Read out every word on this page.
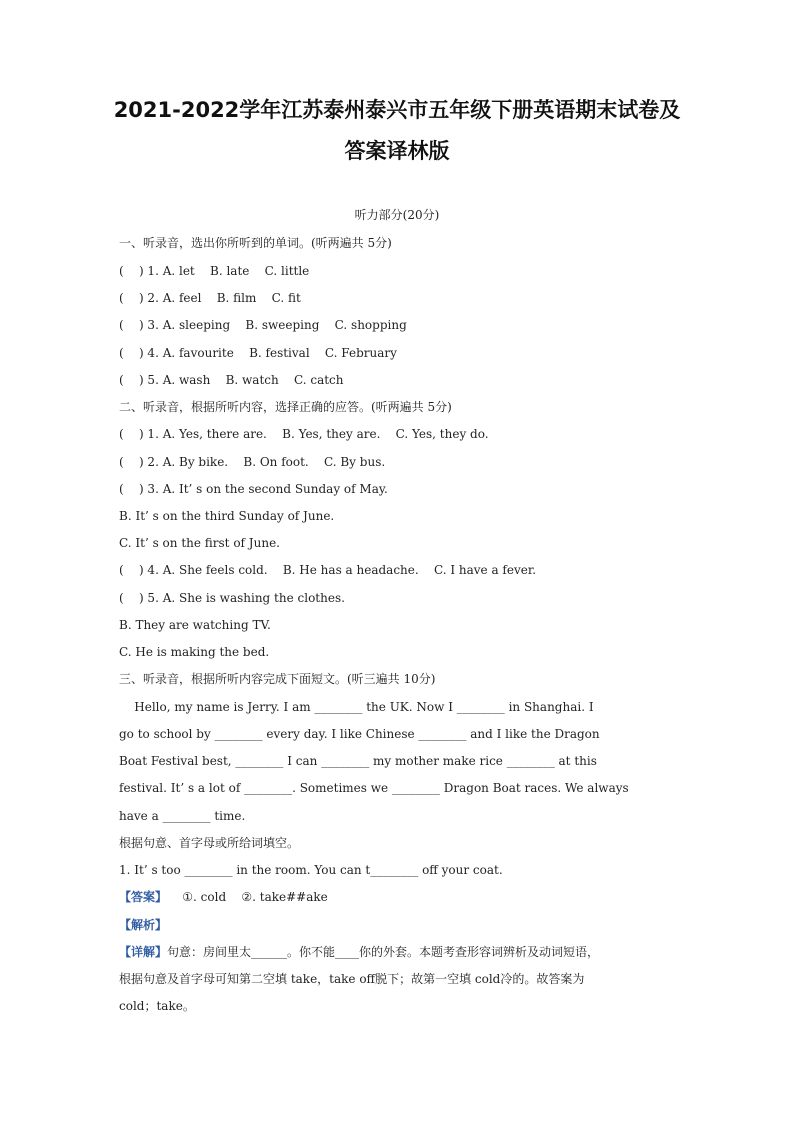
2021-2022学年江苏泰州泰兴市五年级下册英语期末试卷及
答案译林版
听力部分(20分)
一、听录音，选出你所听到的单词。(听两遍共 5分)
(    ) 1. A. let    B. late    C. little
(    ) 2. A. feel    B. film    C. fit
(    ) 3. A. sleeping    B. sweeping    C. shopping
(    ) 4. A. favourite    B. festival    C. February
(    ) 5. A. wash    B. watch    C. catch
二、听录音，根据所听内容，选择正确的应答。(听两遍共 5分)
(    ) 1. A. Yes, there are.    B. Yes, they are.    C. Yes, they do.
(    ) 2. A. By bike.    B. On foot.    C. By bus.
(    ) 3. A. It’ s on the second Sunday of May.
B. It’ s on the third Sunday of June.
C. It’ s on the first of June.
(    ) 4. A. She feels cold.    B. He has a headache.    C. I have a fever.
(    ) 5. A. She is washing the clothes.
B. They are watching TV.
C. He is making the bed.
三、听录音，根据所听内容完成下面短文。(听三遍共 10分)
Hello, my name is Jerry. I am ________ the UK. Now I ________ in Shanghai. I
go to school by ________ every day. I like Chinese ________ and I like the Dragon
Boat Festival best, ________ I can ________ my mother make rice ________ at this
festival. It’ s a lot of ________. Sometimes we ________ Dragon Boat races. We always
have a ________ time.
根据句意、首字母或所给词填空。
1. It’ s too ________ in the room. You can t________ off your coat.
【答案】    ①. cold    ②. take##ake
【解析】
【详解】句意：房间里太______。你不能____你的外套。本题考查形容词辨析及动词短语，
根据句意及首字母可知第二空填 take，take off脱下；故第一空填 cold冷的。故答案为
cold；take。
